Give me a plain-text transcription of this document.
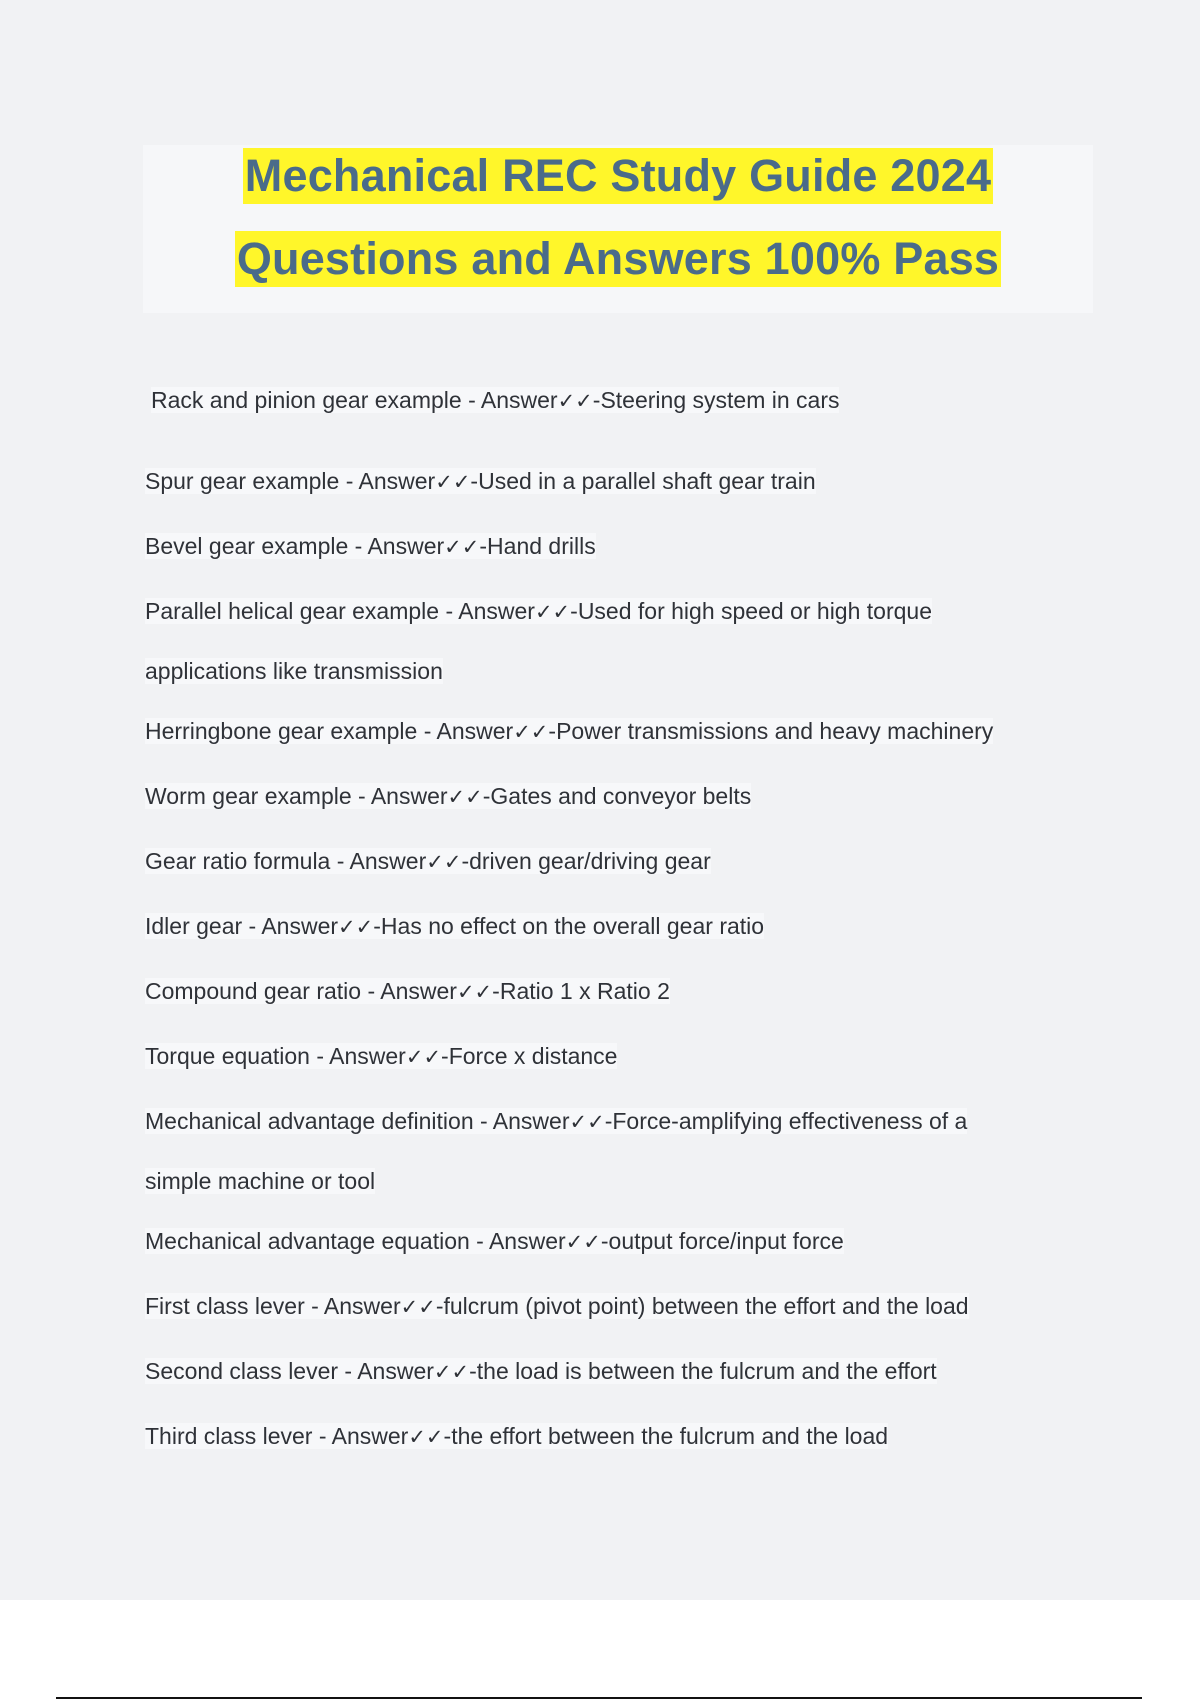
Mechanical REC Study Guide 2024
Questions and Answers 100% Pass

Rack and pinion gear example - Answer✓✓-Steering system in cars

Spur gear example - Answer✓✓-Used in a parallel shaft gear train

Bevel gear example - Answer✓✓-Hand drills

Parallel helical gear example - Answer✓✓-Used for high speed or high torque

applications like transmission

Herringbone gear example - Answer✓✓-Power transmissions and heavy machinery

Worm gear example - Answer✓✓-Gates and conveyor belts

Gear ratio formula - Answer✓✓-driven gear/driving gear

Idler gear - Answer✓✓-Has no effect on the overall gear ratio

Compound gear ratio - Answer✓✓-Ratio 1 x Ratio 2

Torque equation - Answer✓✓-Force x distance

Mechanical advantage definition - Answer✓✓-Force-amplifying effectiveness of a

simple machine or tool

Mechanical advantage equation - Answer✓✓-output force/input force

First class lever - Answer✓✓-fulcrum (pivot point) between the effort and the load

Second class lever - Answer✓✓-the load is between the fulcrum and the effort

Third class lever - Answer✓✓-the effort between the fulcrum and the load
